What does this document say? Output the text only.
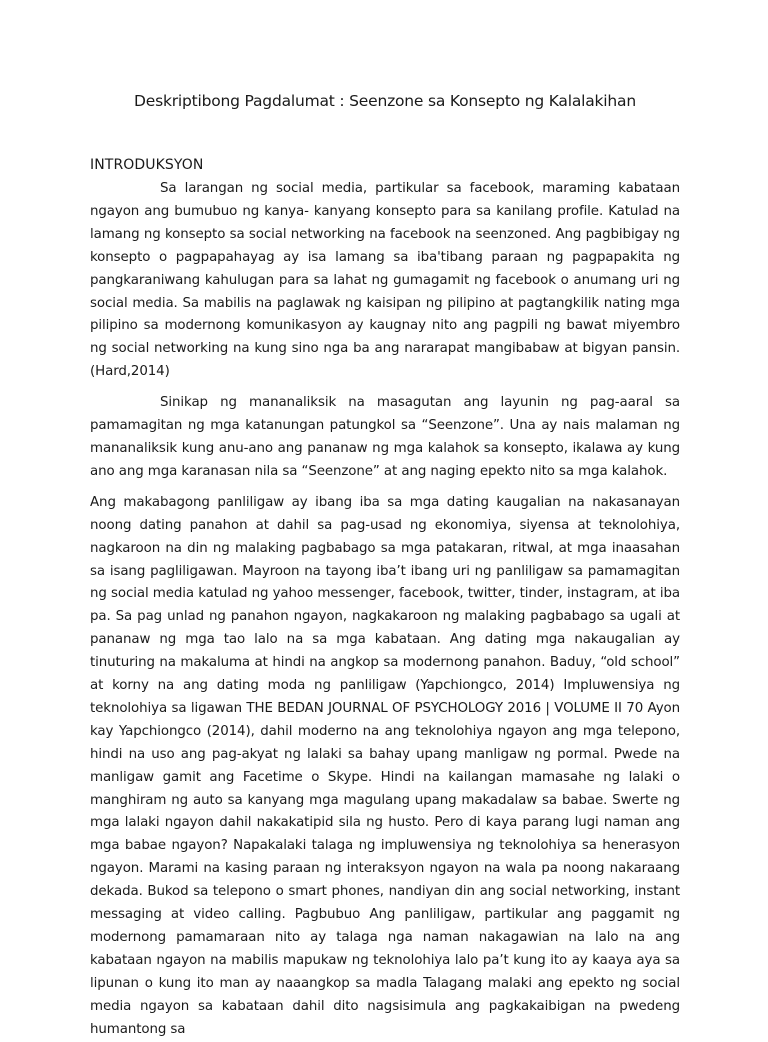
Deskriptibong Pagdalumat : Seenzone sa Konsepto ng Kalalakihan
INTRODUKSYON

Sa larangan ng social media, partikular sa facebook, maraming kabataan ngayon ang bumubuo ng kanya- kanyang konsepto para sa kanilang profile. Katulad na lamang ng konsepto sa social networking na facebook na seenzoned. Ang pagbibigay ng konsepto o pagpapahayag ay isa lamang sa iba'tibang paraan ng pagpapakita ng pangkaraniwang kahulugan para sa lahat ng gumagamit ng facebook o anumang uri ng social media. Sa mabilis na paglawak ng kaisipan ng pilipino at pagtangkilik nating mga pilipino sa modernong komunikasyon ay kaugnay nito ang pagpili ng bawat miyembro ng social networking na kung sino nga ba ang nararapat mangibabaw at bigyan pansin.(Hard,2014)

Sinikap ng mananaliksik na masagutan ang layunin ng pag-aaral sa pamamagitan ng mga katanungan patungkol sa “Seenzone”. Una ay nais malaman ng mananaliksik kung anu-ano ang pananaw ng mga kalahok sa konsepto, ikalawa ay kung ano ang mga karanasan nila sa “Seenzone” at ang naging epekto nito sa mga kalahok.

Ang makabagong panliligaw ay ibang iba sa mga dating kaugalian na nakasanayan noong dating panahon at dahil sa pag-usad ng ekonomiya, siyensa at teknolohiya, nagkaroon na din ng malaking pagbabago sa mga patakaran, ritwal, at mga inaasahan sa isang pagliligawan. Mayroon na tayong iba’t ibang uri ng panliligaw sa pamamagitan ng social media katulad ng yahoo messenger, facebook, twitter, tinder, instagram, at iba pa. Sa pag unlad ng panahon ngayon, nagkakaroon ng malaking pagbabago sa ugali at pananaw ng mga tao lalo na sa mga kabataan. Ang dating mga nakaugalian ay tinuturing na makaluma at hindi na angkop sa modernong panahon. Baduy, “old school” at korny na ang dating moda ng panliligaw (Yapchiongco, 2014) Impluwensiya ng teknolohiya sa ligawan THE BEDAN JOURNAL OF PSYCHOLOGY 2016 | VOLUME II 70 Ayon kay Yapchiongco (2014), dahil moderno na ang teknolohiya ngayon ang mga telepono, hindi na uso ang pag-akyat ng lalaki sa bahay upang manligaw ng pormal. Pwede na manligaw gamit ang Facetime o Skype. Hindi na kailangan mamasahe ng lalaki o manghiram ng auto sa kanyang mga magulang upang makadalaw sa babae. Swerte ng mga lalaki ngayon dahil nakakatipid sila ng husto. Pero di kaya parang lugi naman ang mga babae ngayon? Napakalaki talaga ng impluwensiya ng teknolohiya sa henerasyon ngayon. Marami na kasing paraan ng interaksyon ngayon na wala pa noong nakaraang dekada. Bukod sa telepono o smart phones, nandiyan din ang social networking, instant messaging at video calling. Pagbubuo Ang panliligaw, partikular ang paggamit ng modernong pamamaraan nito ay talaga nga naman nakagawian na lalo na ang kabataan ngayon na mabilis mapukaw ng teknolohiya lalo pa’t kung ito ay kaaya aya sa lipunan o kung ito man ay naaangkop sa madla Talagang malaki ang epekto ng social media ngayon sa kabataan dahil dito nagsisimula ang pagkakaibigan na pwedeng humantong sa
